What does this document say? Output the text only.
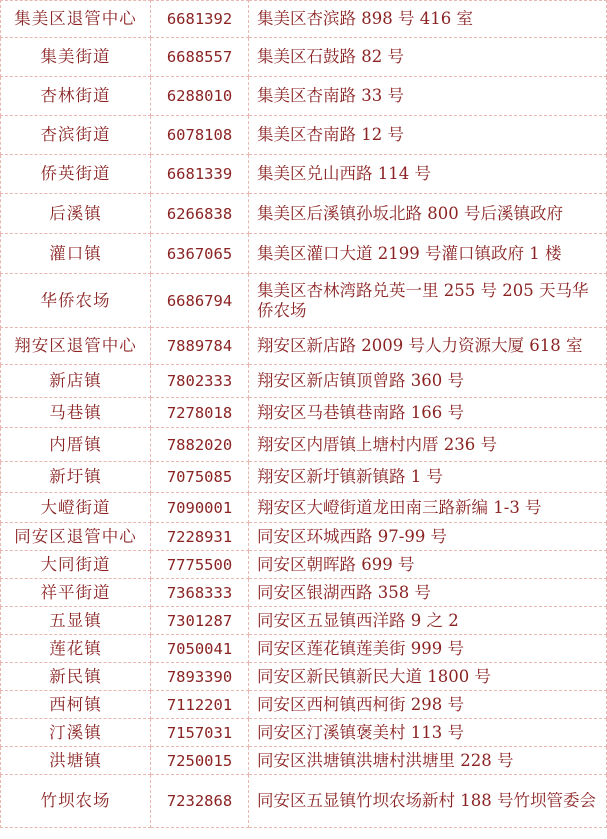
集美区退管中心	6681392	集美区杏滨路 898 号 416 室
集美街道	6688557	集美区石鼓路 82 号
杏林街道	6288010	集美区杏南路 33 号
杏滨街道	6078108	集美区杏南路 12 号
侨英街道	6681339	集美区兑山西路 114 号
后溪镇	6266838	集美区后溪镇孙坂北路 800 号后溪镇政府
灌口镇	6367065	集美区灌口大道 2199 号灌口镇政府 1 楼
华侨农场	6686794	集美区杏林湾路兑英一里 255 号 205 天马华侨农场
翔安区退管中心	7889784	翔安区新店路 2009 号人力资源大厦 618 室
新店镇	7802333	翔安区新店镇顶曾路 360 号
马巷镇	7278018	翔安区马巷镇巷南路 166 号
内厝镇	7882020	翔安区内厝镇上塘村内厝 236 号
新圩镇	7075085	翔安区新圩镇新镇路 1 号
大嶝街道	7090001	翔安区大嶝街道龙田南三路新编 1-3 号
同安区退管中心	7228931	同安区环城西路 97-99 号
大同街道	7775500	同安区朝晖路 699 号
祥平街道	7368333	同安区银湖西路 358 号
五显镇	7301287	同安区五显镇西洋路 9 之 2
莲花镇	7050041	同安区莲花镇莲美街 999 号
新民镇	7893390	同安区新民镇新民大道 1800 号
西柯镇	7112201	同安区西柯镇西柯街 298 号
汀溪镇	7157031	同安区汀溪镇褒美村 113 号
洪塘镇	7250015	同安区洪塘镇洪塘村洪塘里 228 号
竹坝农场	7232868	同安区五显镇竹坝农场新村 188 号竹坝管委会
